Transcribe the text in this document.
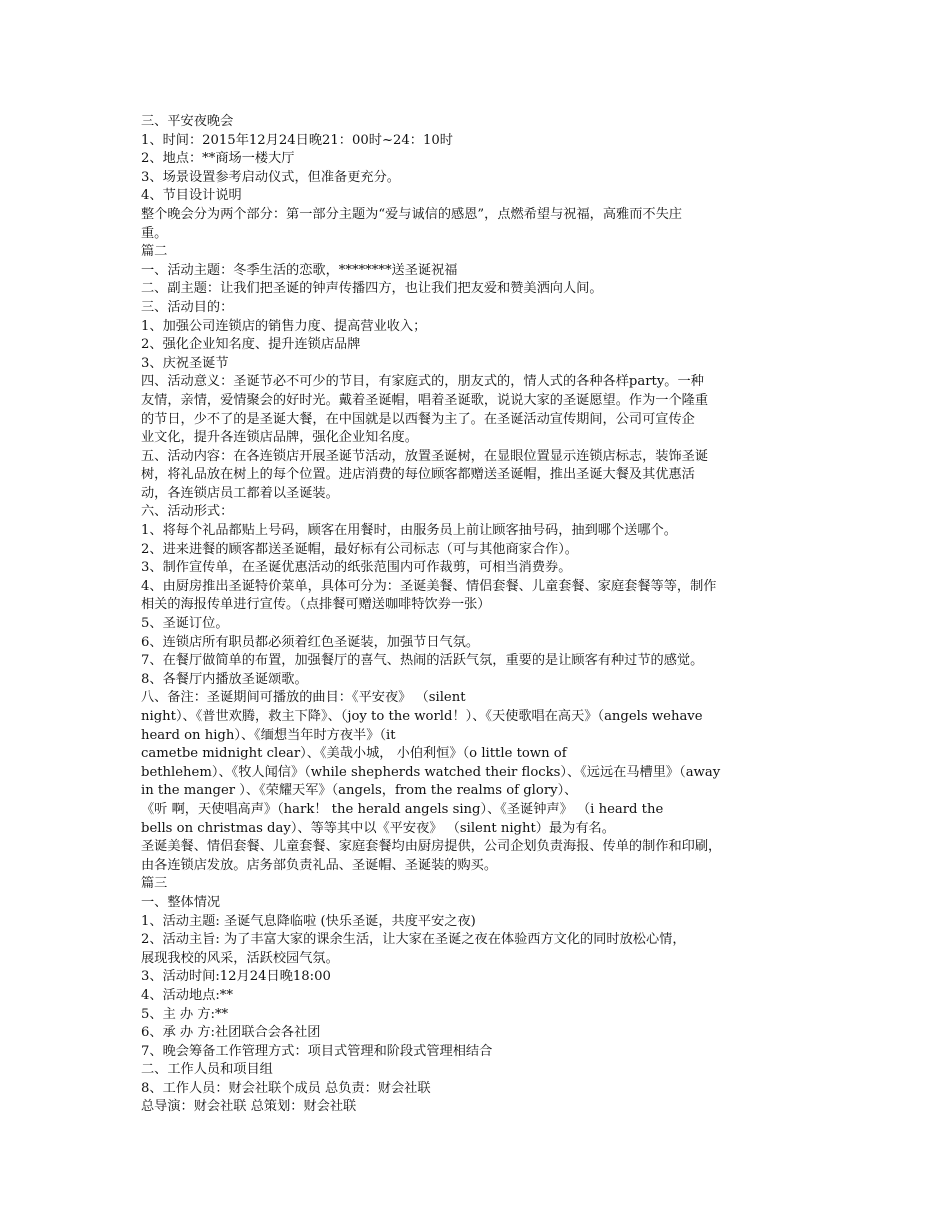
三、平安夜晚会
1、时间：2015年12月24日晚21：00时~24：10时
2、地点：**商场一楼大厅
3、场景设置参考启动仪式，但准备更充分。
4、节目设计说明
整个晚会分为两个部分：第一部分主题为“爱与诚信的感恩”，点燃希望与祝福，高雅而不失庄
重。
篇二
一、活动主题：冬季生活的恋歌，********送圣诞祝福
二、副主题：让我们把圣诞的钟声传播四方，也让我们把友爱和赞美洒向人间。
三、活动目的：
1、加强公司连锁店的销售力度、提高营业收入；
2、强化企业知名度、提升连锁店品牌
3、庆祝圣诞节
四、活动意义：圣诞节必不可少的节目，有家庭式的，朋友式的，情人式的各种各样party。一种
友情，亲情，爱情聚会的好时光。戴着圣诞帽，唱着圣诞歌，说说大家的圣诞愿望。作为一个隆重
的节日，少不了的是圣诞大餐，在中国就是以西餐为主了。在圣诞活动宣传期间，公司可宣传企
业文化，提升各连锁店品牌，强化企业知名度。
五、活动内容：在各连锁店开展圣诞节活动，放置圣诞树，在显眼位置显示连锁店标志，装饰圣诞
树，将礼品放在树上的每个位置。进店消费的每位顾客都赠送圣诞帽，推出圣诞大餐及其优惠活
动，各连锁店员工都着以圣诞装。
六、活动形式：
1、将每个礼品都贴上号码，顾客在用餐时，由服务员上前让顾客抽号码，抽到哪个送哪个。
2、进来进餐的顾客都送圣诞帽，最好标有公司标志（可与其他商家合作）。
3、制作宣传单，在圣诞优惠活动的纸张范围内可作裁剪，可相当消费券。
4、由厨房推出圣诞特价菜单，具体可分为：圣诞美餐、情侣套餐、儿童套餐、家庭套餐等等，制作
相关的海报传单进行宣传。（点排餐可赠送咖啡特饮券一张）
5、圣诞订位。
6、连锁店所有职员都必须着红色圣诞装，加强节日气氛。
7、在餐厅做简单的布置，加强餐厅的喜气、热闹的活跃气氛，重要的是让顾客有种过节的感觉。
8、各餐厅内播放圣诞颂歌。
八、备注：圣诞期间可播放的曲目：《平安夜》 （silent
night）、《普世欢腾，救主下降》、（joy to the world！）、《天使歌唱在高天》（angels wehave
heard on high）、《缅想当年时方夜半》（it
cametbe midnight clear）、《美哉小城， 小伯利恒》（o little town of
bethlehem）、《牧人闻信》（while shepherds watched their flocks）、《远远在马槽里》（away
in the manger ）、《荣耀天军》（angels，from the realms of glory）、
《听 啊，天使唱高声》（hark！ the herald angels sing）、《圣诞钟声》 （i heard the
bells on christmas day）、等等其中以《平安夜》 （silent night）最为有名。
圣诞美餐、情侣套餐、儿童套餐、家庭套餐均由厨房提供，公司企划负责海报、传单的制作和印刷，
由各连锁店发放。店务部负责礼品、圣诞帽、圣诞装的购买。
篇三
一、整体情况
1、活动主题: 圣诞气息降临啦 (快乐圣诞，共度平安之夜)
2、活动主旨: 为了丰富大家的课余生活，让大家在圣诞之夜在体验西方文化的同时放松心情，
展现我校的风采，活跃校园气氛。
3、活动时间:12月24日晚18:00
4、活动地点:**
5、主 办 方:**
6、承 办 方:社团联合会各社团
7、晚会筹备工作管理方式：项目式管理和阶段式管理相结合
二、工作人员和项目组
8、工作人员：财会社联个成员 总负责：财会社联
总导演：财会社联 总策划：财会社联
